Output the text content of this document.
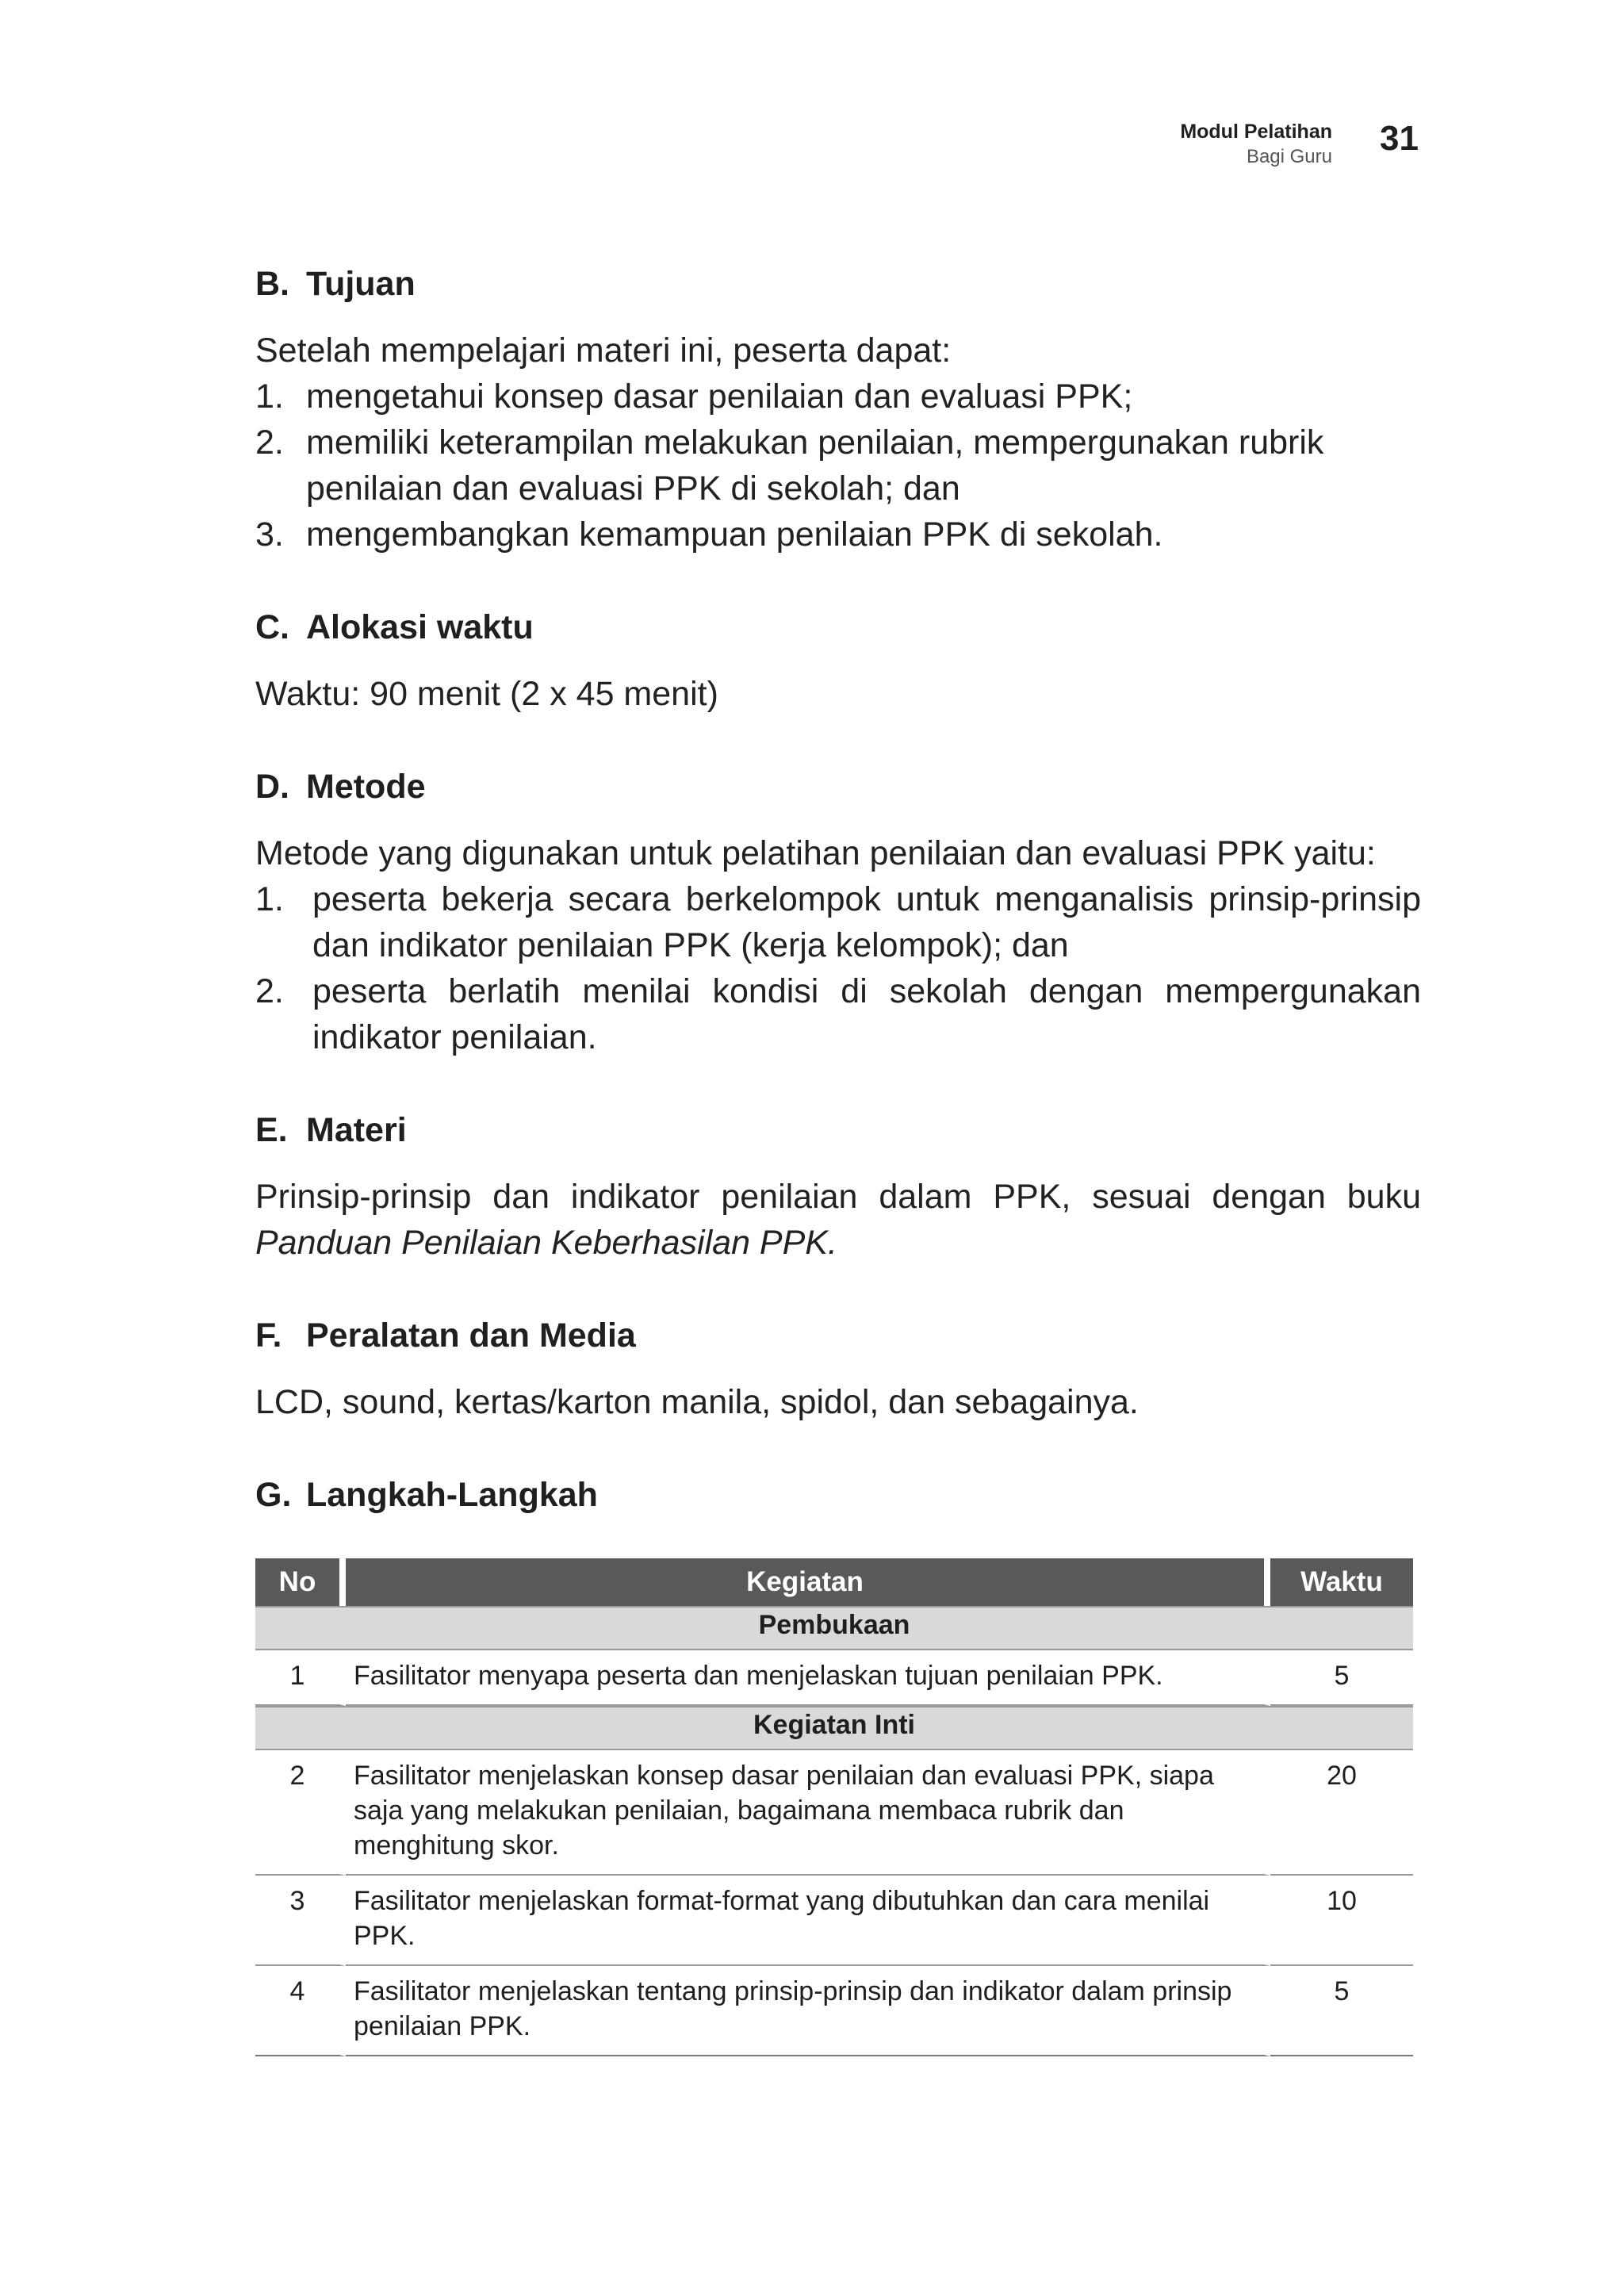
Modul Pelatihan
Bagi Guru 31
B. Tujuan

Setelah mempelajari materi ini, peserta dapat:

1. mengetahui konsep dasar penilaian dan evaluasi PPK;
2. memiliki keterampilan melakukan penilaian, mempergunakan rubrik penilaian dan evaluasi PPK di sekolah; dan
3. mengembangkan kemampuan penilaian PPK di sekolah.
C. Alokasi waktu

Waktu: 90 menit (2 x 45 menit)

D. Metode

Metode yang digunakan untuk pelatihan penilaian dan evaluasi PPK yaitu:

1. peserta bekerja secara berkelompok untuk menganalisis prinsip-prinsip dan indikator penilaian PPK (kerja kelompok); dan
2. peserta berlatih menilai kondisi di sekolah dengan mempergunakan indikator penilaian.
E. Materi

Prinsip-prinsip dan indikator penilaian dalam PPK, sesuai dengan buku Panduan Penilaian Keberhasilan PPK.

F. Peralatan dan Media

LCD, sound, kertas/karton manila, spidol, dan sebagainya.

G. Langkah-Langkah
No	Kegiatan	Waktu
Pembukaan		
1	Fasilitator menyapa peserta dan menjelaskan tujuan penilaian PPK.	5
Kegiatan Inti		
2	Fasilitator menjelaskan konsep dasar penilaian dan evaluasi PPK, siapa saja yang melakukan penilaian, bagaimana membaca rubrik dan menghitung skor.	20
3	Fasilitator menjelaskan format-format yang dibutuhkan dan cara menilai PPK.	10
4	Fasilitator menjelaskan tentang prinsip-prinsip dan indikator dalam prinsip penilaian PPK.	5
